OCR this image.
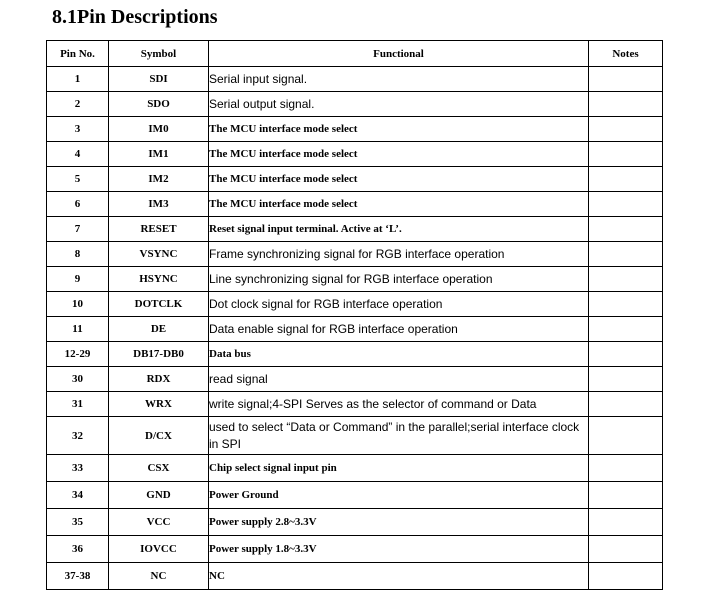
8.1Pin Descriptions
Pin No.	Symbol	Functional	Notes
1	SDI	Serial input signal.	
2	SDO	Serial output signal.	
3	IM0	The MCU interface mode select	
4	IM1	The MCU interface mode select	
5	IM2	The MCU interface mode select	
6	IM3	The MCU interface mode select	
7	RESET	Reset signal input terminal. Active at ‘L’.	
8	VSYNC	Frame synchronizing signal for RGB interface operation	
9	HSYNC	Line synchronizing signal for RGB interface operation	
10	DOTCLK	Dot clock signal for RGB interface operation	
11	DE	Data enable signal for RGB interface operation	
12-29	DB17-DB0	Data bus	
30	RDX	read signal	
31	WRX	write signal;4-SPI Serves as the selector of command or Data	
32	D/CX	used to select “Data or Command” in the parallel;serial interface clock in SPI	
33	CSX	Chip select signal input pin	
34	GND	Power Ground	
35	VCC	Power supply 2.8~3.3V	
36	IOVCC	Power supply 1.8~3.3V	
37-38	NC	NC	
